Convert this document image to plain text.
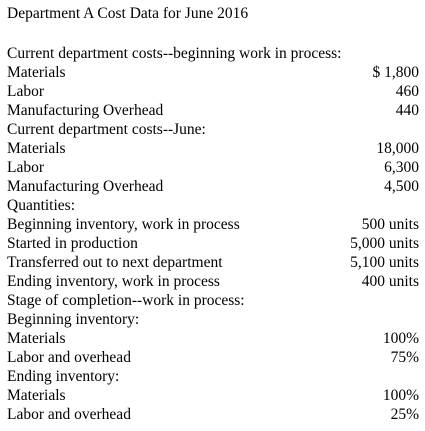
Department A Cost Data for June 2016
Current department costs--beginning work in process:
Materials	$ 1,800
Labor	460
Manufacturing Overhead	440
Current department costs--June:
Materials	18,000
Labor	6,300
Manufacturing Overhead	4,500
Quantities:
Beginning inventory, work in process	500 units
Started in production	5,000 units
Transferred out to next department	5,100 units
Ending inventory, work in process	400 units
Stage of completion--work in process:
Beginning inventory:
Materials	100%
Labor and overhead	75%
Ending inventory:
Materials	100%
Labor and overhead	25%
